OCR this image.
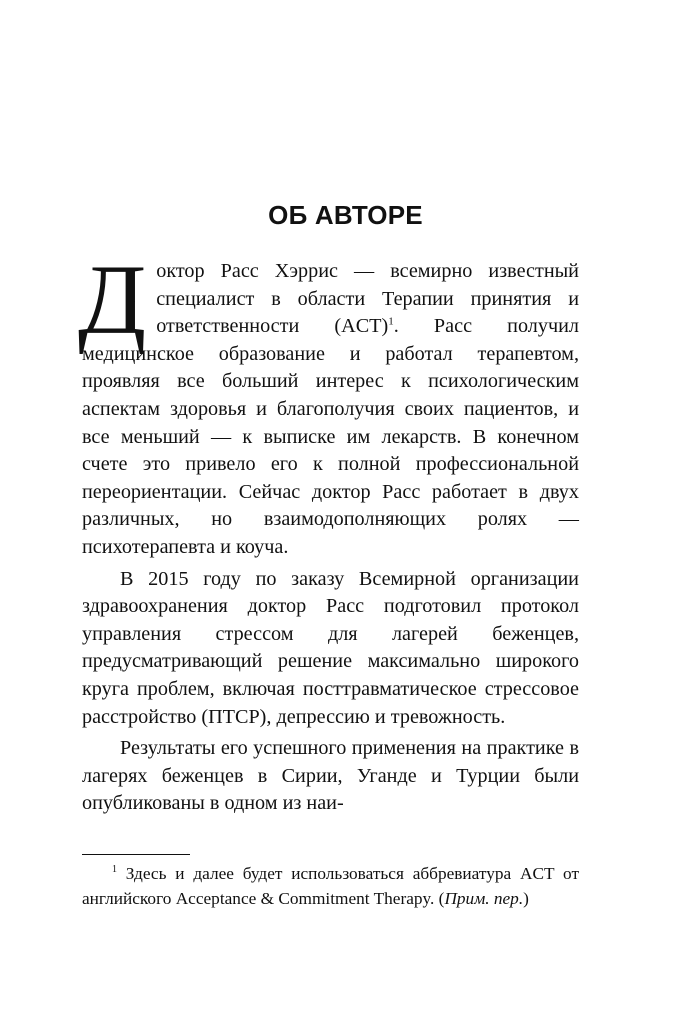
ОБ АВТОРЕ

Доктор Расс Хэррис — всемирно известный специалист в области Терапии принятия и ответственности (ACT)$^1$. Расс получил медицинское образование и работал терапевтом, проявляя все больший интерес к психологическим аспектам здоровья и благополучия своих пациентов, и все меньший — к выписке им лекарств. В конечном счете это привело его к полной профессиональной переориентации. Сейчас доктор Расс работает в двух различных, но взаимодополняющих ролях — психотерапевта и коуча.

В 2015 году по заказу Всемирной организации здравоохранения доктор Расс подготовил протокол управления стрессом для лагерей беженцев, предусматривающий решение максимально широкого круга проблем, включая посттравматическое стрессовое расстройство (ПТСР), депрессию и тревожность.

Результаты его успешного применения на практике в лагерях беженцев в Сирии, Уганде и Турции были опубликованы в одном из наи-

$^1$ Здесь и далее будет использоваться аббревиатура ACT от английского Acceptance & Commitment Therapy. (Прим. пер.)
